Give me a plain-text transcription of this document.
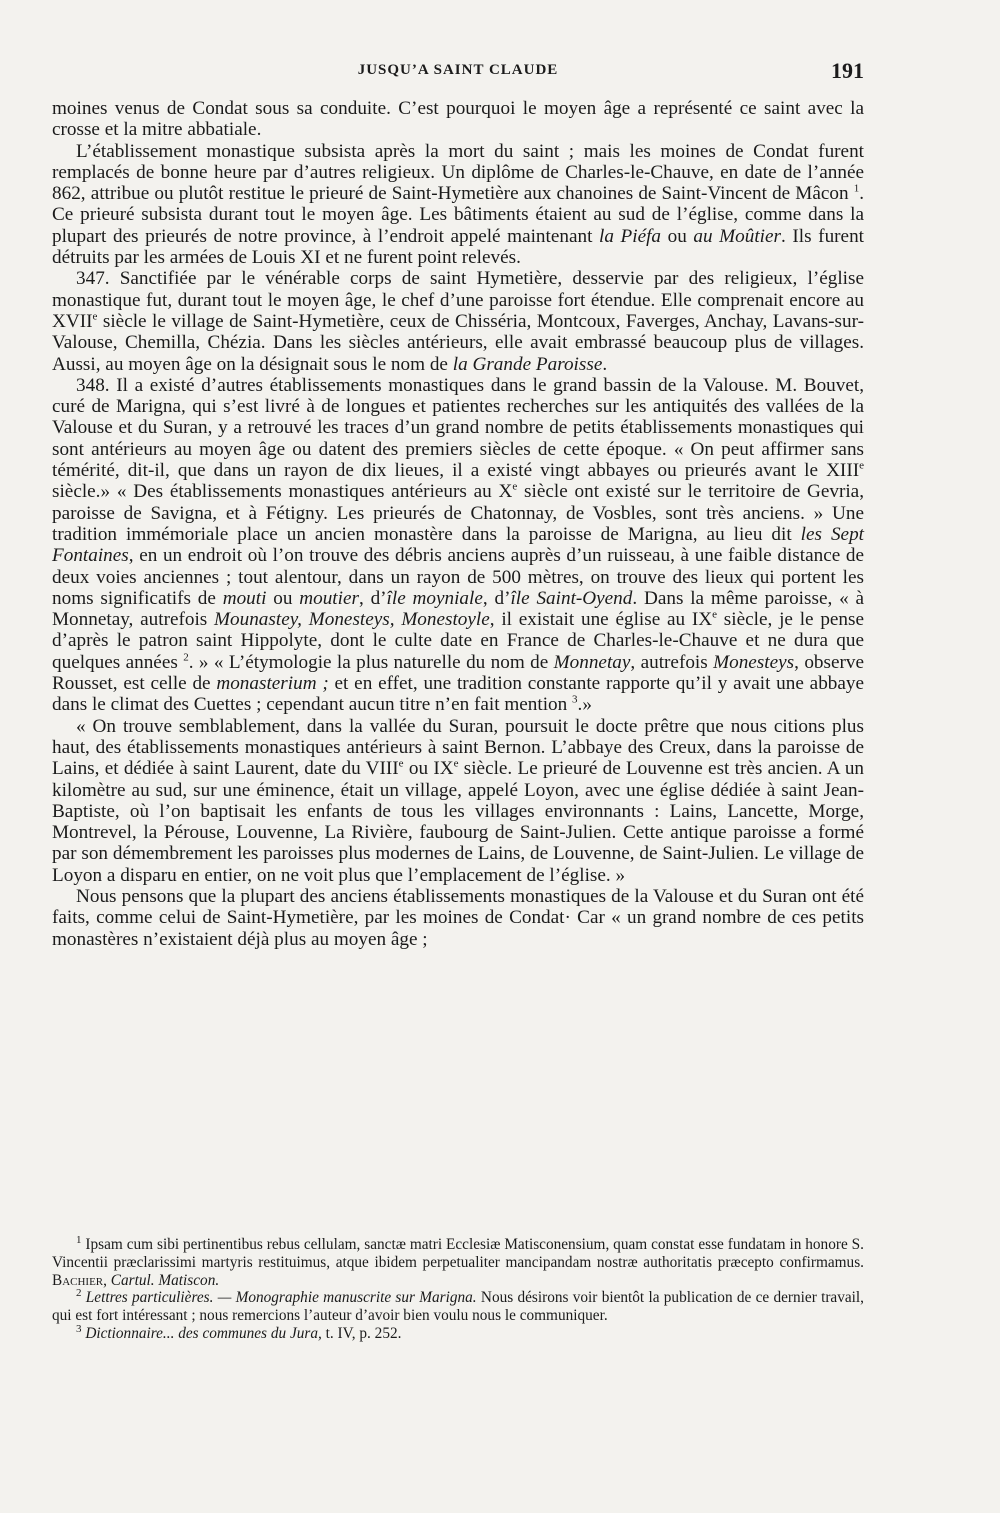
JUSQU’A SAINT CLAUDE	191

moines venus de Condat sous sa conduite. C’est pourquoi le moyen âge a représenté ce saint avec la crosse et la mitre abbatiale.

L’établissement monastique subsista après la mort du saint ; mais les moines de Condat furent remplacés de bonne heure par d’autres religieux. Un diplôme de Charles-le-Chauve, en date de l’année 862, attribue ou plutôt restitue le prieuré de Saint-Hymetière aux chanoines de Saint-Vincent de Mâcon $^1$. Ce prieuré subsista durant tout le moyen âge. Les bâtiments étaient au sud de l’église, comme dans la plupart des prieurés de notre province, à l’endroit appelé maintenant la Piéfa ou au Moûtier. Ils furent détruits par les armées de Louis XI et ne furent point relevés.

347. Sanctifiée par le vénérable corps de saint Hymetière, desservie par des religieux, l’église monastique fut, durant tout le moyen âge, le chef d’une paroisse fort étendue. Elle comprenait encore au XVIIe siècle le village de Saint-Hymetière, ceux de Chisséria, Montcoux, Faverges, Anchay, Lavans-sur-Valouse, Chemilla, Chézia. Dans les siècles antérieurs, elle avait embrassé beaucoup plus de villages. Aussi, au moyen âge on la désignait sous le nom de la Grande Paroisse.

348. Il a existé d’autres établissements monastiques dans le grand bassin de la Valouse. M. Bouvet, curé de Marigna, qui s’est livré à de longues et patientes recherches sur les antiquités des vallées de la Valouse et du Suran, y a retrouvé les traces d’un grand nombre de petits établissements monastiques qui sont antérieurs au moyen âge ou datent des premiers siècles de cette époque. « On peut affirmer sans témérité, dit-il, que dans un rayon de dix lieues, il a existé vingt abbayes ou prieurés avant le XIIIe siècle.» « Des établissements monastiques antérieurs au Xe siècle ont existé sur le territoire de Gevria, paroisse de Savigna, et à Fétigny. Les prieurés de Chatonnay, de Vosbles, sont très anciens. » Une tradition immémoriale place un ancien monastère dans la paroisse de Marigna, au lieu dit les Sept Fontaines, en un endroit où l’on trouve des débris anciens auprès d’un ruisseau, à une faible distance de deux voies anciennes ; tout alentour, dans un rayon de 500 mètres, on trouve des lieux qui portent les noms significatifs de mouti ou moutier, d’île moyniale, d’île Saint-Oyend. Dans la même paroisse, « à Monnetay, autrefois Mounastey, Monesteys, Monestoyle, il existait une église au IXe siècle, je le pense d’après le patron saint Hippolyte, dont le culte date en France de Charles-le-Chauve et ne dura que quelques années $^2$. » « L’étymologie la plus naturelle du nom de Monnetay, autrefois Monesteys, observe Rousset, est celle de monasterium ; et en effet, une tradition constante rapporte qu’il y avait une abbaye dans le climat des Cuettes ; cependant aucun titre n’en fait mention $^3$.»

« On trouve semblablement, dans la vallée du Suran, poursuit le docte prêtre que nous citions plus haut, des établissements monastiques antérieurs à saint Bernon. L’abbaye des Creux, dans la paroisse de Lains, et dédiée à saint Laurent, date du VIIIe ou IXe siècle. Le prieuré de Louvenne est très ancien. A un kilomètre au sud, sur une éminence, était un village, appelé Loyon, avec une église dédiée à saint Jean-Baptiste, où l’on baptisait les enfants de tous les villages environnants : Lains, Lancette, Morge, Montrevel, la Pérouse, Louvenne, La Rivière, faubourg de Saint-Julien. Cette antique paroisse a formé par son démembrement les paroisses plus modernes de Lains, de Louvenne, de Saint-Julien. Le village de Loyon a disparu en entier, on ne voit plus que l’emplacement de l’église. »

Nous pensons que la plupart des anciens établissements monastiques de la Valouse et du Suran ont été faits, comme celui de Saint-Hymetière, par les moines de Condat· Car « un grand nombre de ces petits monastères n’existaient déjà plus au moyen âge ;

$^1$ Ipsam cum sibi pertinentibus rebus cellulam, sanctæ matri Ecclesiæ Matisconensium, quam constat esse fundatam in honore S. Vincentii præclarissimi martyris restituimus, atque ibidem perpetualiter mancipandam nostræ authoritatis præcepto confirmamus. Bachier, Cartul. Matiscon.

$^2$ Lettres particulières. — Monographie manuscrite sur Marigna. Nous désirons voir bientôt la publication de ce dernier travail, qui est fort intéressant ; nous remercions l’auteur d’avoir bien voulu nous le communiquer.

$^3$ Dictionnaire... des communes du Jura, t. IV, p. 252.
